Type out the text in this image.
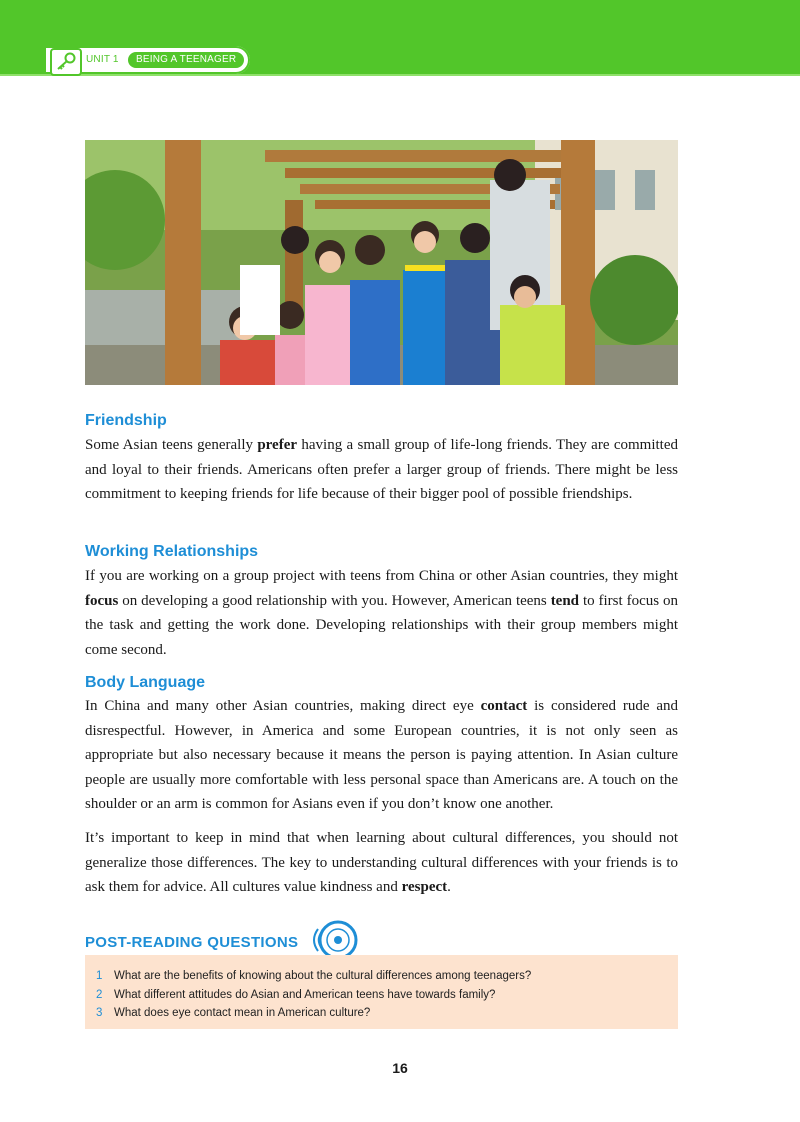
UNIT 1	BEING A TEENAGER
Friendship
Some Asian teens generally prefer having a small group of life-long friends. They are committed and loyal to their friends. Americans often prefer a larger group of friends. There might be less commitment to keeping friends for life because of their bigger pool of possible friendships.
Working Relationships
If you are working on a group project with teens from China or other Asian countries, they might focus on developing a good relationship with you. However, American teens tend to first focus on the task and getting the work done. Developing relationships with their group members might come second.
Body Language
In China and many other Asian countries, making direct eye contact is considered rude and disrespectful. However, in America and some European countries, it is not only seen as appropriate but also necessary because it means the person is paying attention. In Asian culture people are usually more comfortable with less personal space than Americans are. A touch on the shoulder or an arm is common for Asians even if you don’t know one another.
It’s important to keep in mind that when learning about cultural differences, you should not generalize those differences. The key to understanding cultural differences with your friends is to ask them for advice. All cultures value kindness and respect.
POST-READING QUESTIONS
1 What are the benefits of knowing about the cultural differences among teenagers?
2 What different attitudes do Asian and American teens have towards family?
3 What does eye contact mean in American culture?
16
